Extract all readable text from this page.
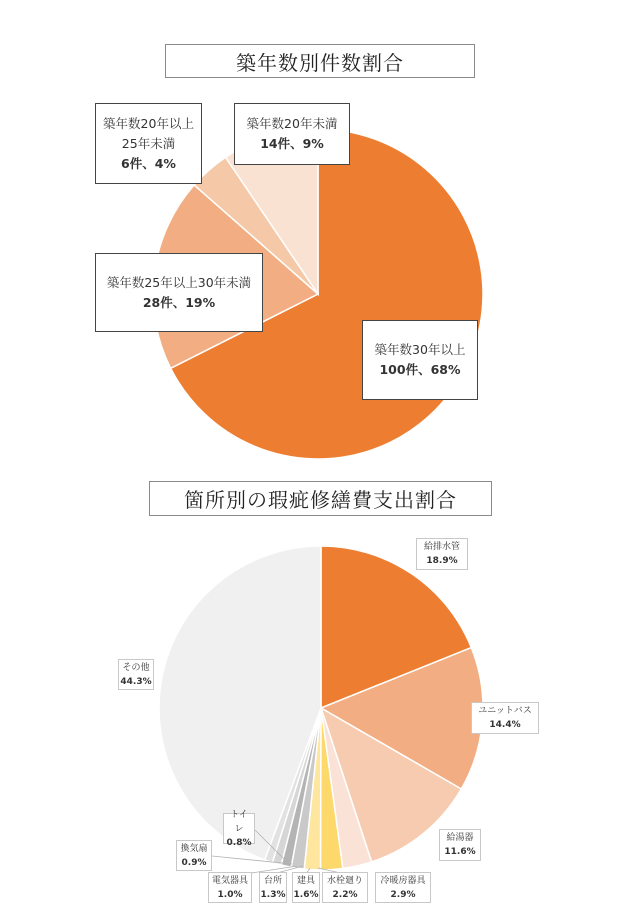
築年数別件数割合
箇所別の瑕疵修繕費支出割合
築年数30年以上
100件、68%
築年数25年以上30年未満
28件、19%
築年数20年以上
25年未満
6件、4%
築年数20年未満
14件、9%
給排水管
18.9%
ユニットバス
14.4%
給湯器
11.6%
冷暖房器具
2.9%
水栓廻り
2.2%
建具
1.6%
台所
1.3%
電気器具
1.0%
換気扇
0.9%
トイレ
0.8%
その他
44.3%
